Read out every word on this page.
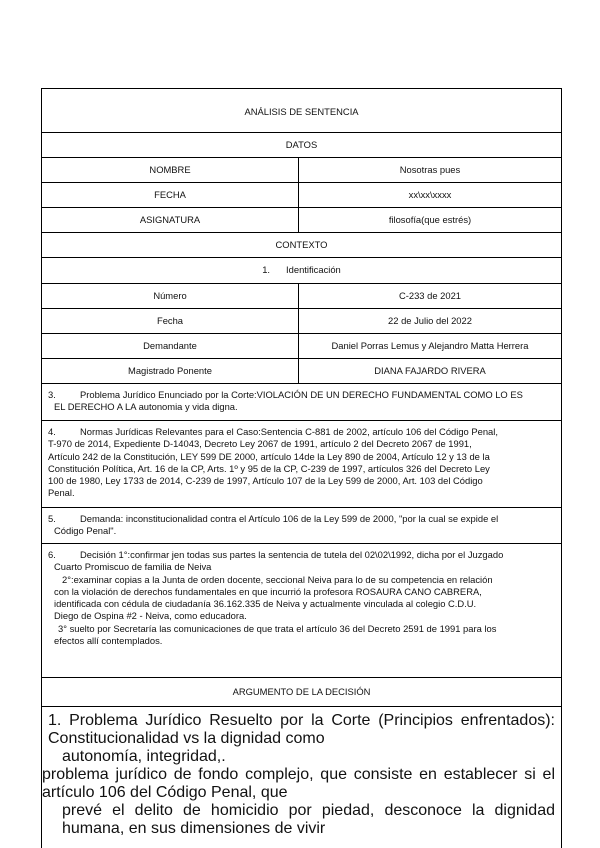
ANÁLISIS DE SENTENCIA
DATOS
NOMBRE	Nosotras pues
FECHA	xx\xx\xxxx
ASIGNATURA	filosofía(que estrés)
CONTEXTO
1. Identificación
Número	C-233 de 2021
Fecha	22 de Julio del 2022
Demandante	Daniel Porras Lemus y Alejandro Matta Herrera
Magistrado Ponente	DIANA FAJARDO RIVERA

3.	Problema Jurídico Enunciado por la Corte:VIOLACIÓN DE UN DERECHO FUNDAMENTAL COMO LO ES

EL DERECHO A LA autonomia y vida digna.

4.	Normas Jurídicas Relevantes para el Caso:Sentencia C-881 de 2002, artículo 106 del Código Penal,

T-970 de 2014, Expediente D-14043, Decreto Ley 2067 de 1991, artículo 2 del Decreto 2067 de 1991,

Artículo 242 de la Constitución, LEY 599 DE 2000, artículo 14de la Ley 890 de 2004, Artículo 12 y 13 de la

Constitución Política, Art. 16 de la CP, Arts. 1º y 95 de la CP, C-239 de 1997, artículos 326 del Decreto Ley

100 de 1980, Ley 1733 de 2014, C-239 de 1997, Artículo 107 de la Ley 599 de 2000, Art. 103 del Código

Penal.

5.	Demanda: inconstitucionalidad contra el Artículo 106 de la Ley 599 de 2000, "por la cual se expide el

Código Penal".

6.	Decisión 1°:confirmar jen todas sus partes la sentencia de tutela del 02\02\1992, dicha por el Juzgado

Cuarto Promiscuo de familia de Neiva

2°:examinar copias a la Junta de orden docente, seccional Neiva para lo de su competencia en relación

con la violación de derechos fundamentales en que incurrió la profesora ROSAURA CANO CABRERA,

identificada con cédula de ciudadanía 36.162.335 de Neiva y actualmente vinculada al colegio C.D.U.

Diego de Ospina #2 - Neiva, como educadora.

3° suelto por Secretaría las comunicaciones de que trata el artículo 36 del Decreto 2591 de 1991 para los

efectos allí contemplados.

ARGUMENTO DE LA DECISIÓN

1. Problema Jurídico Resuelto por la Corte (Principios enfrentados): Constitucionalidad vs la dignidad como

autonomía, integridad,.

problema jurídico de fondo complejo, que consiste en establecer si el artículo 106 del Código Penal, que

prevé el delito de homicidio por piedad, desconoce la dignidad humana, en sus dimensiones de vivir
